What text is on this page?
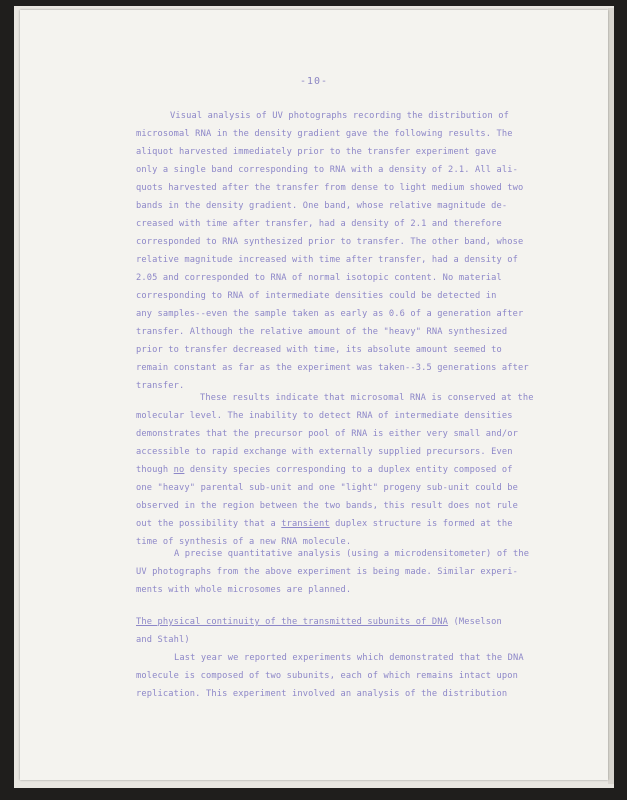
-10-
Visual analysis of UV photographs recording the distribution of
microsomal RNA in the density gradient gave the following results. The
aliquot harvested immediately prior to the transfer experiment gave
only a single band corresponding to RNA with a density of 2.1. All ali-
quots harvested after the transfer from dense to light medium showed two
bands in the density gradient. One band, whose relative magnitude de-
creased with time after transfer, had a density of 2.1 and therefore
corresponded to RNA synthesized prior to transfer. The other band, whose
relative magnitude increased with time after transfer, had a density of
2.05 and corresponded to RNA of normal isotopic content. No material
corresponding to RNA of intermediate densities could be detected in
any samples--even the sample taken as early as 0.6 of a generation after
transfer. Although the relative amount of the "heavy" RNA synthesized
prior to transfer decreased with time, its absolute amount seemed to
remain constant as far as the experiment was taken--3.5 generations after
transfer.
These results indicate that microsomal RNA is conserved at the
molecular level. The inability to detect RNA of intermediate densities
demonstrates that the precursor pool of RNA is either very small and/or
accessible to rapid exchange with externally supplied precursors. Even
though no density species corresponding to a duplex entity composed of
one "heavy" parental sub-unit and one "light" progeny sub-unit could be
observed in the region between the two bands, this result does not rule
out the possibility that a transient duplex structure is formed at the
time of synthesis of a new RNA molecule.
A precise quantitative analysis (using a microdensitometer) of the
UV photographs from the above experiment is being made. Similar experi-
ments with whole microsomes are planned.
The physical continuity of the transmitted subunits of DNA (Meselson
and Stahl)
Last year we reported experiments which demonstrated that the DNA
molecule is composed of two subunits, each of which remains intact upon
replication. This experiment involved an analysis of the distribution
